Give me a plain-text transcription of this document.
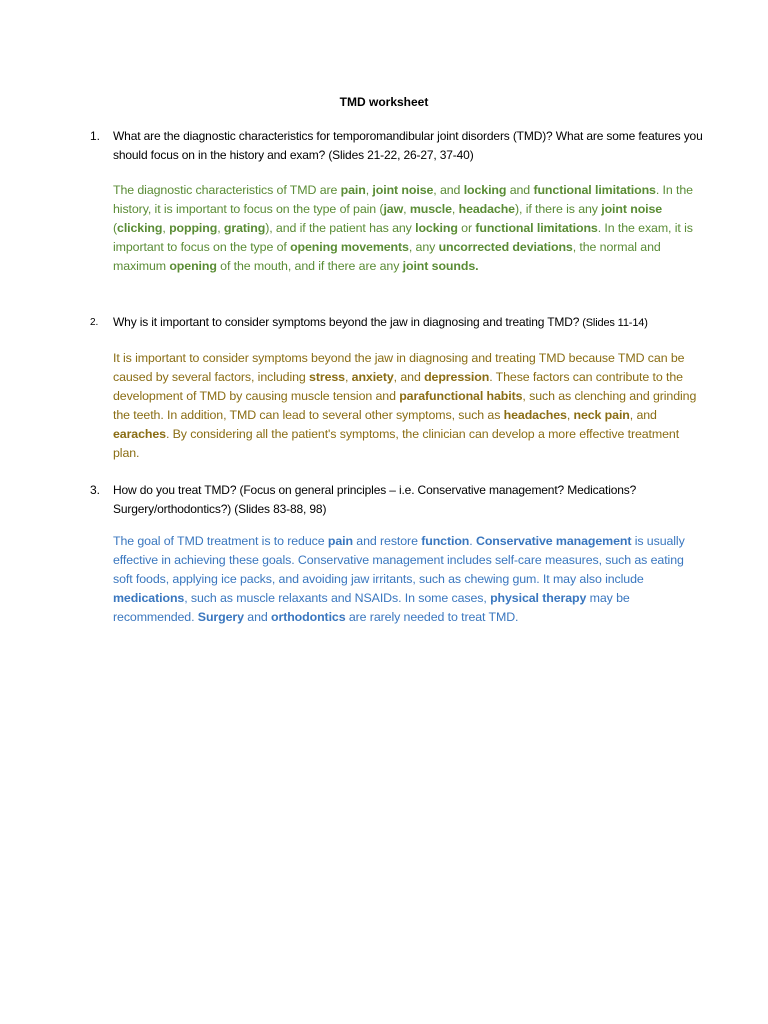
TMD worksheet
1.	What are the diagnostic characteristics for temporomandibular joint disorders (TMD)? What are some features you should focus on in the history and exam? (Slides 21-22, 26-27, 37-40)
The diagnostic characteristics of TMD are pain, joint noise, and locking and functional limitations. In the history, it is important to focus on the type of pain (jaw, muscle, headache), if there is any joint noise (clicking, popping, grating), and if the patient has any locking or functional limitations. In the exam, it is important to focus on the type of opening movements, any uncorrected deviations, the normal and maximum opening of the mouth, and if there are any joint sounds.
2.	Why is it important to consider symptoms beyond the jaw in diagnosing and treating TMD? (Slides 11-14)
It is important to consider symptoms beyond the jaw in diagnosing and treating TMD because TMD can be caused by several factors, including stress, anxiety, and depression. These factors can contribute to the development of TMD by causing muscle tension and parafunctional habits, such as clenching and grinding the teeth. In addition, TMD can lead to several other symptoms, such as headaches, neck pain, and earaches. By considering all the patient's symptoms, the clinician can develop a more effective treatment plan.
3.	How do you treat TMD? (Focus on general principles – i.e. Conservative management? Medications? Surgery/orthodontics?) (Slides 83-88, 98)
The goal of TMD treatment is to reduce pain and restore function. Conservative management is usually effective in achieving these goals. Conservative management includes self-care measures, such as eating soft foods, applying ice packs, and avoiding jaw irritants, such as chewing gum. It may also include medications, such as muscle relaxants and NSAIDs. In some cases, physical therapy may be recommended. Surgery and orthodontics are rarely needed to treat TMD.
